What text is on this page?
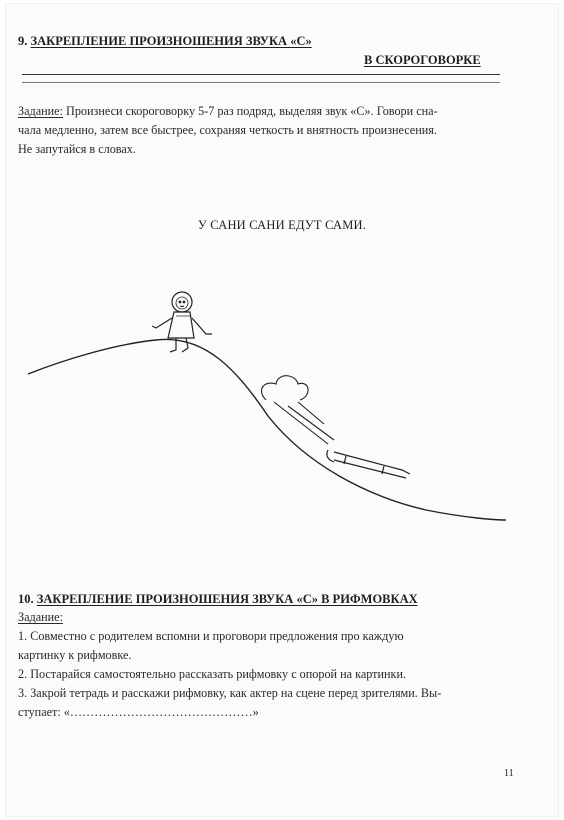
9. ЗАКРЕПЛЕНИЕ ПРОИЗНОШЕНИЯ ЗВУКА «С»
В СКОРОГОВОРКЕ
Задание: Произнеси скороговорку 5-7 раз подряд, выделяя звук «С». Говори сна-
чала медленно, затем все быстрее, сохраняя четкость и внятность произнесения.
Не запутайся в словах.
У САНИ САНИ ЕДУТ САМИ.
10. ЗАКРЕПЛЕНИЕ ПРОИЗНОШЕНИЯ ЗВУКА «С» В РИФМОВКАХ
Задание:
1. Совместно с родителем вспомни и проговори предложения про каждую
картинку к рифмовке.
2. Постарайся самостоятельно рассказать рифмовку с опорой на картинки.
3. Закрой тетрадь и расскажи рифмовку, как актер на сцене перед зрителями. Вы-
ступает: «………………………………………»
11
